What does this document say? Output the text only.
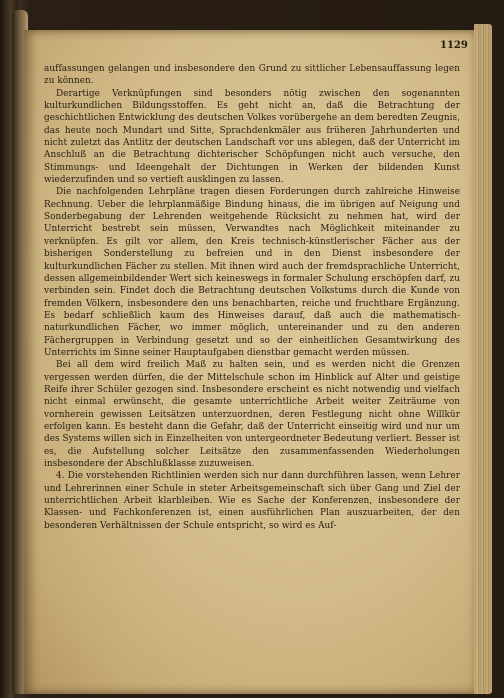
1129

auffassungen gelangen und insbesondere den Grund zu sittlicher Lebensauffassung legen zu können.

Derartige Verknüpfungen sind besonders nötig zwischen den sogenannten kulturkundlichen Bildungsstoffen. Es geht nicht an, daß die Betrachtung der geschichtlichen Entwicklung des deutschen Volkes vorübergehe an dem beredten Zeugnis, das heute noch Mundart und Sitte, Sprachdenkmäler aus früheren Jahrhunderten und nicht zuletzt das Antlitz der deutschen Landschaft vor uns ablegen, daß der Unterricht im Anschluß an die Betrachtung dichterischer Schöpfungen nicht auch versuche, den Stimmungs- und Ideengehalt der Dichtungen in Werken der bildenden Kunst wiederzufinden und so vertieft ausklingen zu lassen.

Die nachfolgenden Lehrpläne tragen diesen Forderungen durch zahlreiche Hinweise Rechnung. Ueber die lehrplanmäßige Bindung hinaus, die im übrigen auf Neigung und Sonderbegabung der Lehrenden weitgehende Rücksicht zu nehmen hat, wird der Unterricht bestrebt sein müssen, Verwandtes nach Möglichkeit miteinander zu verknüpfen. Es gilt vor allem, den Kreis technisch-künstlerischer Fächer aus der bisherigen Sonderstellung zu befreien und in den Dienst insbesondere der kulturkundlichen Fächer zu stellen. Mit ihnen wird auch der fremdsprachliche Unterricht, dessen allgemeinbildender Wert sich keineswegs in formaler Schulung erschöpfen darf, zu verbinden sein. Findet doch die Betrachtung deutschen Volkstums durch die Kunde von fremden Völkern, insbesondere den uns benachbarten, reiche und fruchtbare Ergänzung. Es bedarf schließlich kaum des Hinweises darauf, daß auch die mathematisch-naturkundlichen Fächer, wo immer möglich, untereinander und zu den anderen Fächergruppen in Verbindung gesetzt und so der einheitlichen Gesamtwirkung des Unterrichts im Sinne seiner Hauptaufgaben dienstbar gemacht werden müssen.

Bei all dem wird freilich Maß zu halten sein, und es werden nicht die Grenzen vergessen werden dürfen, die der Mittelschule schon im Hinblick auf Alter und geistige Reife ihrer Schüler gezogen sind. Insbesondere erscheint es nicht notwendig und vielfach nicht einmal erwünscht, die gesamte unterrichtliche Arbeit weiter Zeiträume von vornherein gewissen Leitsätzen unterzuordnen, deren Festlegung nicht ohne Willkür erfolgen kann. Es besteht dann die Gefahr, daß der Unterricht einseitig wird und nur um des Systems willen sich in Einzelheiten von untergeordneter Bedeutung verliert. Besser ist es, die Aufstellung solcher Leitsätze den zusammenfassenden Wiederholungen insbesondere der Abschlußklasse zuzuweisen.

4. Die vorstehenden Richtlinien werden sich nur dann durchführen lassen, wenn Lehrer und Lehrerinnen einer Schule in steter Arbeitsgemeinschaft sich über Gang und Ziel der unterrichtlichen Arbeit klarbleiben. Wie es Sache der Konferenzen, insbesondere der Klassen- und Fachkonferenzen ist, einen ausführlichen Plan auszuarbeiten, der den besonderen Verhältnissen der Schule entspricht, so wird es Auf-
